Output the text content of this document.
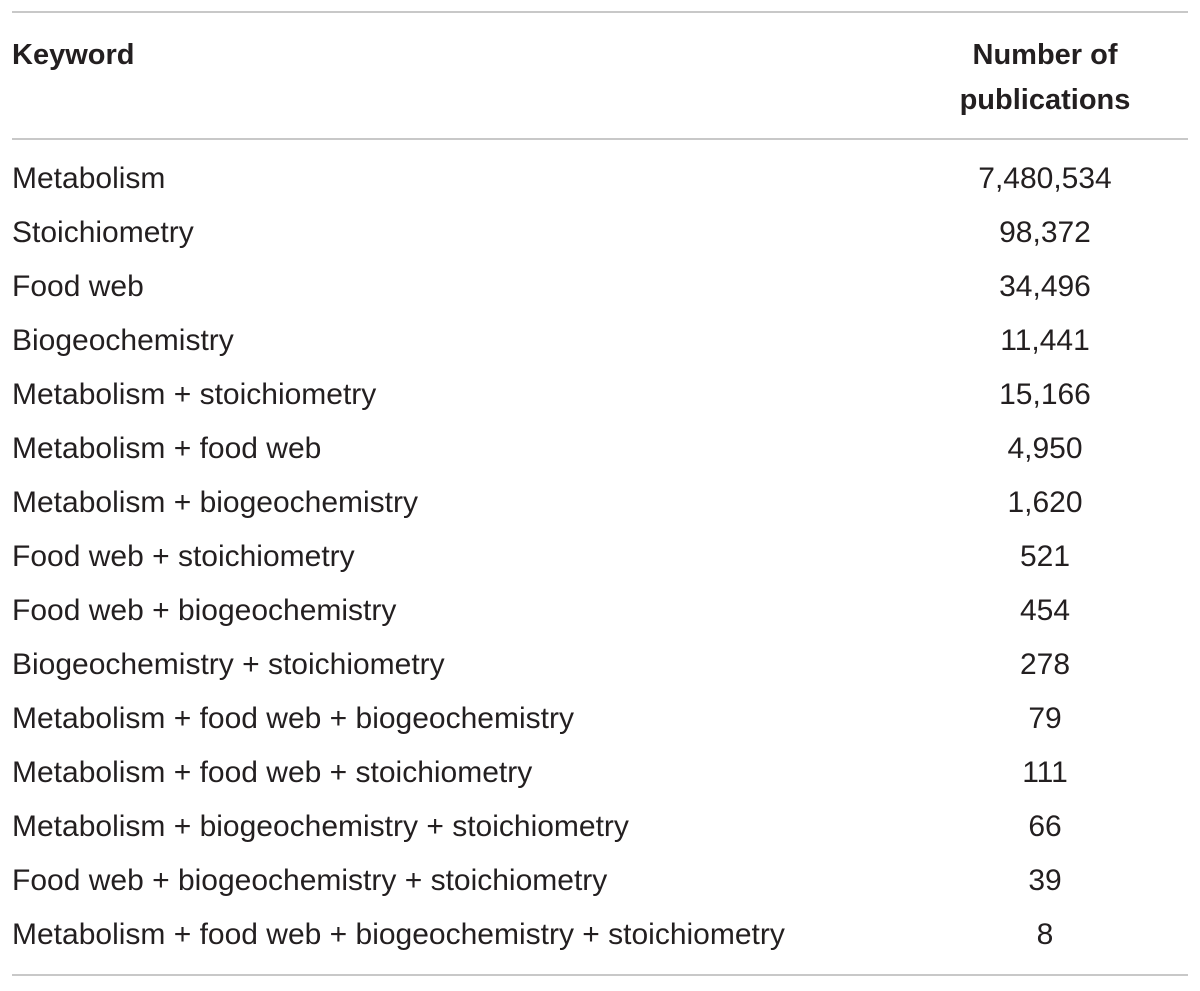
Keyword	Number of publications
Metabolism	7,480,534
Stoichiometry	98,372
Food web	34,496
Biogeochemistry	11,441
Metabolism + stoichiometry	15,166
Metabolism + food web	4,950
Metabolism + biogeochemistry	1,620
Food web + stoichiometry	521
Food web + biogeochemistry	454
Biogeochemistry + stoichiometry	278
Metabolism + food web + biogeochemistry	79
Metabolism + food web + stoichiometry	111
Metabolism + biogeochemistry + stoichiometry	66
Food web + biogeochemistry + stoichiometry	39
Metabolism + food web + biogeochemistry + stoichiometry	8
